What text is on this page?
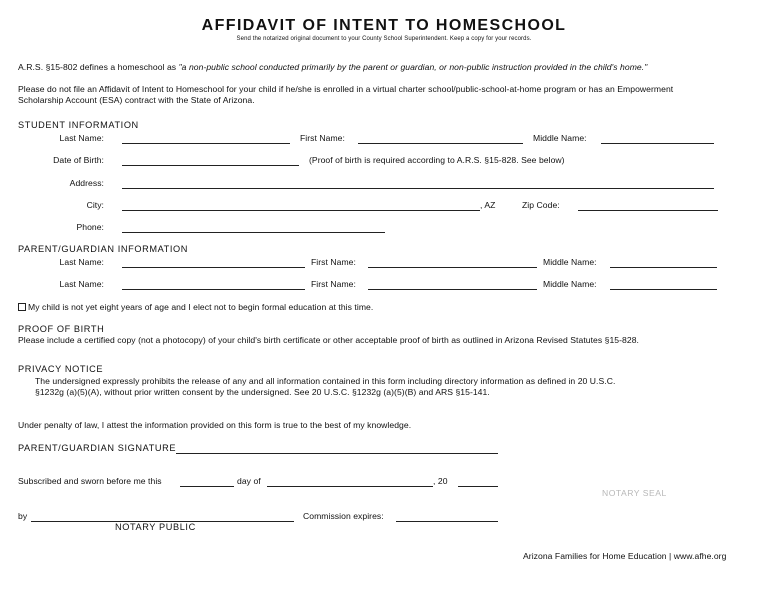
AFFIDAVIT OF INTENT TO HOMESCHOOL
Send the notarized original document to your County School Superintendent. Keep a copy for your records.
A.R.S. §15-802 defines a homeschool as "a non-public school conducted primarily by the parent or guardian, or non-public instruction provided in the child's home."
Please do not file an Affidavit of Intent to Homeschool for your child if he/she is enrolled in a virtual charter school/public-school-at-home program or has an Empowerment
Scholarship Account (ESA) contract with the State of Arizona.
STUDENT INFORMATION
Last Name:	First Name:	Middle Name:
Date of Birth:	(Proof of birth is required according to A.R.S. §15-828. See below)
Address:
City:	, AZ	Zip Code:
Phone:
PARENT/GUARDIAN INFORMATION
Last Name:	First Name:	Middle Name:
Last Name:	First Name:	Middle Name:
My child is not yet eight years of age and I elect not to begin formal education at this time.
PROOF OF BIRTH
Please include a certified copy (not a photocopy) of your child's birth certificate or other acceptable proof of birth as outlined in Arizona Revised Statutes §15-828.
PRIVACY NOTICE
The undersigned expressly prohibits the release of any and all information contained in this form including directory information as defined in 20 U.S.C.
§1232g (a)(5)(A), without prior written consent by the undersigned. See 20 U.S.C. §1232g (a)(5)(B) and ARS §15-141.
Under penalty of law, I attest the information provided on this form is true to the best of my knowledge.
PARENT/GUARDIAN SIGNATURE
Subscribed and sworn before me this	day of	, 20
NOTARY SEAL
by	Commission expires:
NOTARY PUBLIC
Arizona Families for Home Education | www.afhe.org
